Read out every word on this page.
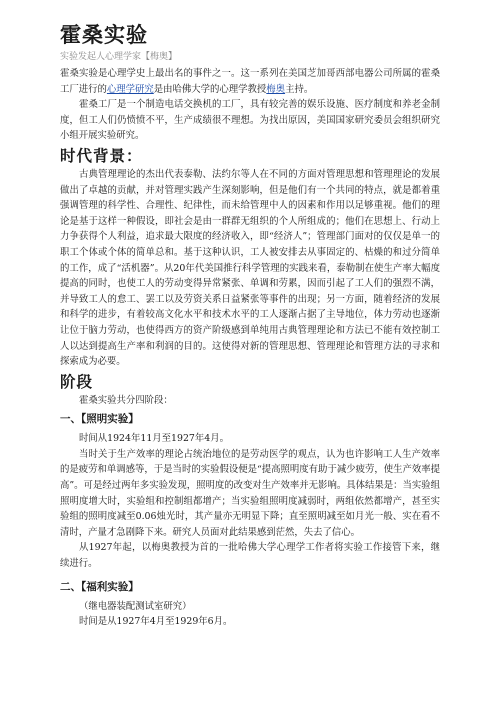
霍桑实验
实验发起人心理学家【梅奥】

霍桑实验是心理学史上最出名的事件之一。这一系列在美国芝加哥西部电器公司所属的霍桑工厂进行的心理学研究是由哈佛大学的心理学教授梅奥主持。

霍桑工厂是一个制造电话交换机的工厂，具有较完善的娱乐设施、医疗制度和养老金制度，但工人们仍愤愤不平，生产成绩很不理想。为找出原因，美国国家研究委员会组织研究小组开展实验研究。

时代背景：

古典管理理论的杰出代表泰勒、法约尔等人在不同的方面对管理思想和管理理论的发展做出了卓越的贡献，并对管理实践产生深刻影响，但是他们有一个共同的特点，就是都着重强调管理的科学性、合理性、纪律性，而未给管理中人的因素和作用以足够重视。他们的理论是基于这样一种假设，即社会是由一群群无组织的个人所组成的；他们在思想上、行动上力争获得个人利益，追求最大限度的经济收入，即“经济人”；管理部门面对的仅仅是单一的职工个体或个体的简单总和。基于这种认识，工人被安排去从事固定的、枯燥的和过分简单的工作，成了“活机器”。从20年代美国推行科学管理的实践来看，泰勒制在使生产率大幅度提高的同时，也使工人的劳动变得异常紧张、单调和劳累，因而引起了工人们的强烈不满，并导致工人的怠工、罢工以及劳资关系日益紧张等事件的出现；另一方面，随着经济的发展和科学的进步，有着较高文化水平和技术水平的工人逐渐占据了主导地位，体力劳动也逐渐让位于脑力劳动，也使得西方的资产阶级感到单纯用古典管理理论和方法已不能有效控制工人以达到提高生产率和利润的目的。这使得对新的管理思想、管理理论和管理方法的寻求和探索成为必要。

阶段

霍桑实验共分四阶段：

一、【照明实验】

时间从1924年11月至1927年4月。

当时关于生产效率的理论占统治地位的是劳动医学的观点，认为也许影响工人生产效率的是疲劳和单调感等，于是当时的实验假设便是“提高照明度有助于减少疲劳，使生产效率提高”。可是经过两年多实验发现，照明度的改变对生产效率并无影响。具体结果是：当实验组照明度增大时，实验组和控制组都增产；当实验组照明度减弱时，两组依然都增产，甚至实验组的照明度减至0.06烛光时，其产量亦无明显下降；直至照明减至如月光一般、实在看不清时，产量才急剧降下来。研究人员面对此结果感到茫然，失去了信心。

从1927年起，以梅奥教授为首的一批哈佛大学心理学工作者将实验工作接管下来，继续进行。

二、【福利实验】

（继电器装配测试室研究）

时间是从1927年4月至1929年6月。
